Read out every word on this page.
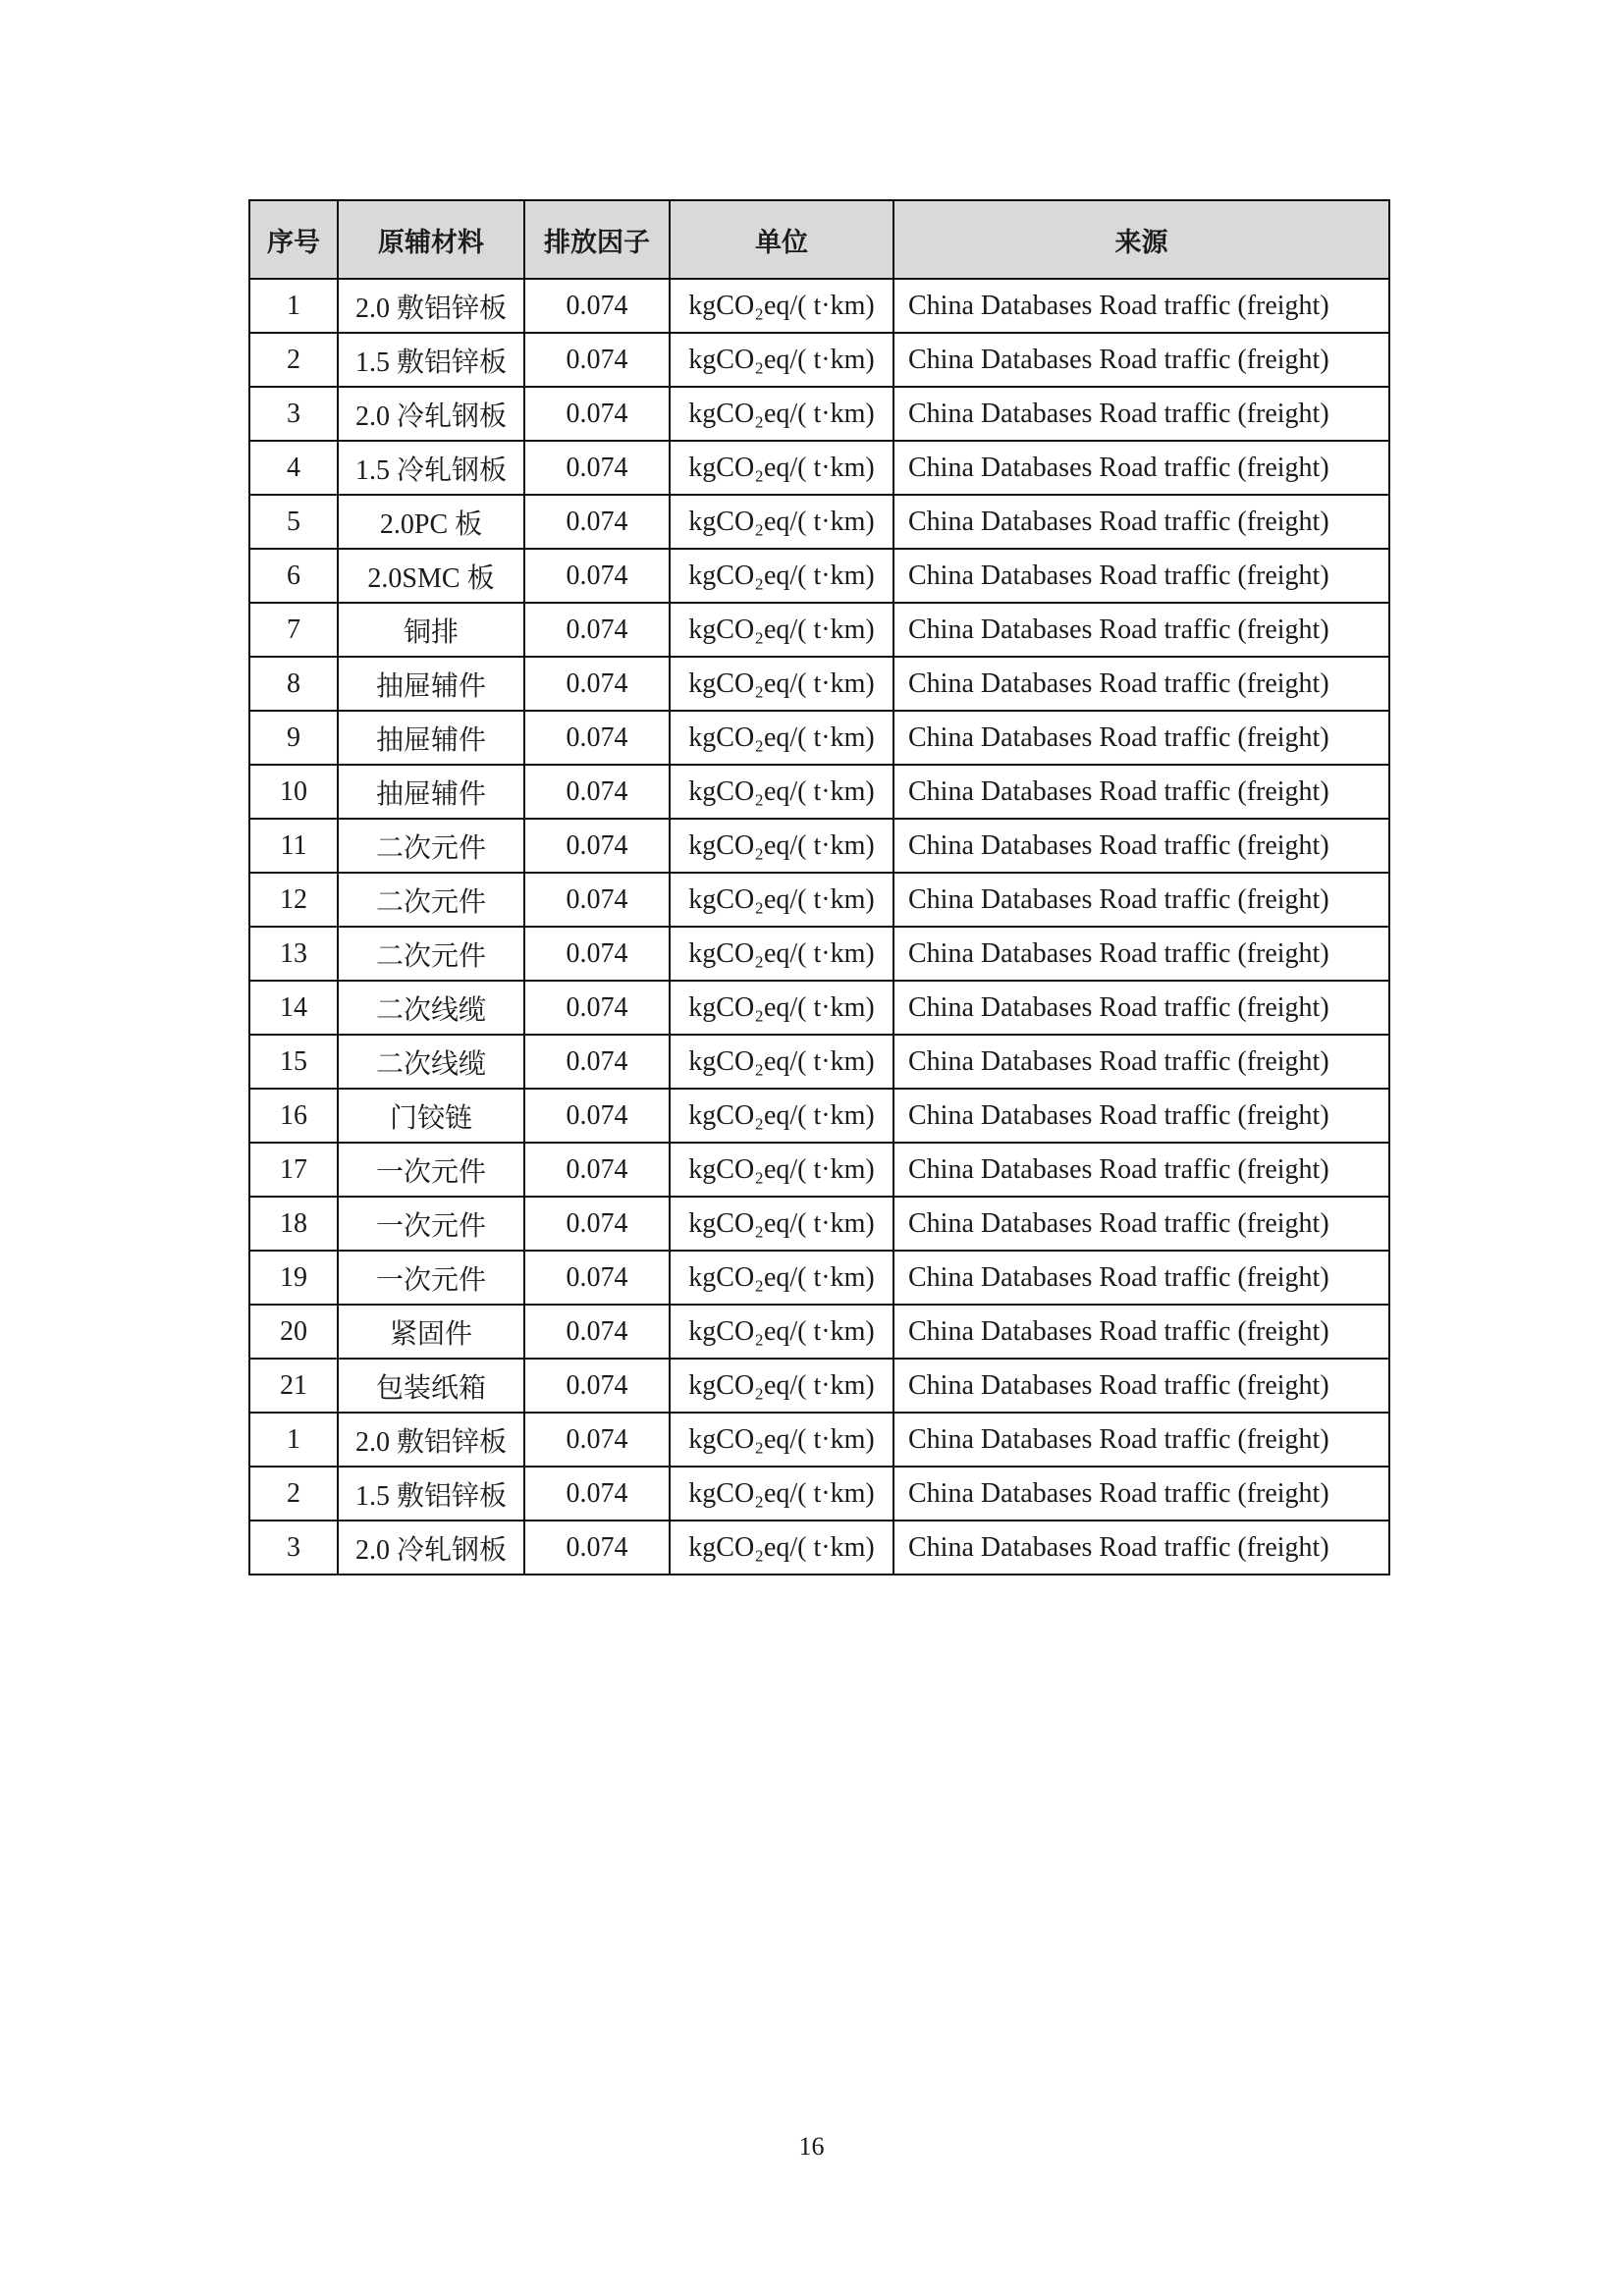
序号	原辅材料	排放因子	单位	来源
1	2.0 敷铝锌板	0.074	kgCO₂eq/( t·km)	China Databases Road traffic (freight)
2	1.5 敷铝锌板	0.074	kgCO₂eq/( t·km)	China Databases Road traffic (freight)
3	2.0 冷轧钢板	0.074	kgCO₂eq/( t·km)	China Databases Road traffic (freight)
4	1.5 冷轧钢板	0.074	kgCO₂eq/( t·km)	China Databases Road traffic (freight)
5	2.0PC 板	0.074	kgCO₂eq/( t·km)	China Databases Road traffic (freight)
6	2.0SMC 板	0.074	kgCO₂eq/( t·km)	China Databases Road traffic (freight)
7	铜排	0.074	kgCO₂eq/( t·km)	China Databases Road traffic (freight)
8	抽屉辅件	0.074	kgCO₂eq/( t·km)	China Databases Road traffic (freight)
9	抽屉辅件	0.074	kgCO₂eq/( t·km)	China Databases Road traffic (freight)
10	抽屉辅件	0.074	kgCO₂eq/( t·km)	China Databases Road traffic (freight)
11	二次元件	0.074	kgCO₂eq/( t·km)	China Databases Road traffic (freight)
12	二次元件	0.074	kgCO₂eq/( t·km)	China Databases Road traffic (freight)
13	二次元件	0.074	kgCO₂eq/( t·km)	China Databases Road traffic (freight)
14	二次线缆	0.074	kgCO₂eq/( t·km)	China Databases Road traffic (freight)
15	二次线缆	0.074	kgCO₂eq/( t·km)	China Databases Road traffic (freight)
16	门铰链	0.074	kgCO₂eq/( t·km)	China Databases Road traffic (freight)
17	一次元件	0.074	kgCO₂eq/( t·km)	China Databases Road traffic (freight)
18	一次元件	0.074	kgCO₂eq/( t·km)	China Databases Road traffic (freight)
19	一次元件	0.074	kgCO₂eq/( t·km)	China Databases Road traffic (freight)
20	紧固件	0.074	kgCO₂eq/( t·km)	China Databases Road traffic (freight)
21	包装纸箱	0.074	kgCO₂eq/( t·km)	China Databases Road traffic (freight)
1	2.0 敷铝锌板	0.074	kgCO₂eq/( t·km)	China Databases Road traffic (freight)
2	1.5 敷铝锌板	0.074	kgCO₂eq/( t·km)	China Databases Road traffic (freight)
3	2.0 冷轧钢板	0.074	kgCO₂eq/( t·km)	China Databases Road traffic (freight)
16
